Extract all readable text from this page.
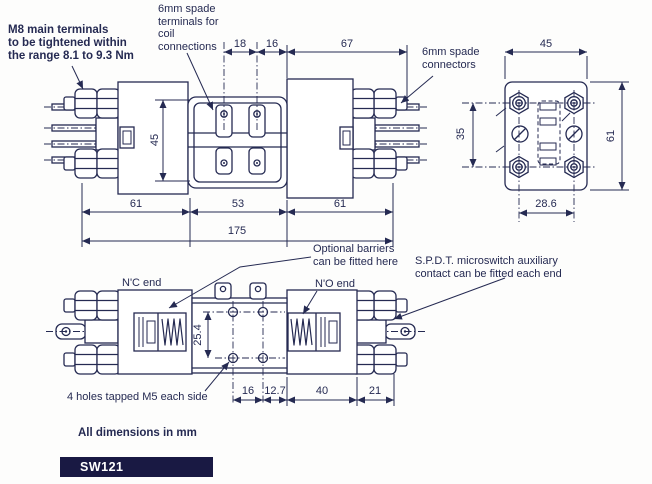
M8 main terminals
to be tightened within
the range 8.1 to 9.3 Nm
6mm spade
terminals for
coil
connections	6mm spade
connectors
Optional barriers
can be fitted here S.P.D.T. microswitch auxiliary
contact can be fitted each end
N'C end	N'O end
4 holes tapped M5 each side
All dimensions in mm
18 16	67
45
61	53	61
175
45
35	61
28.6
25.4
16 12.7	40	21
SW121
